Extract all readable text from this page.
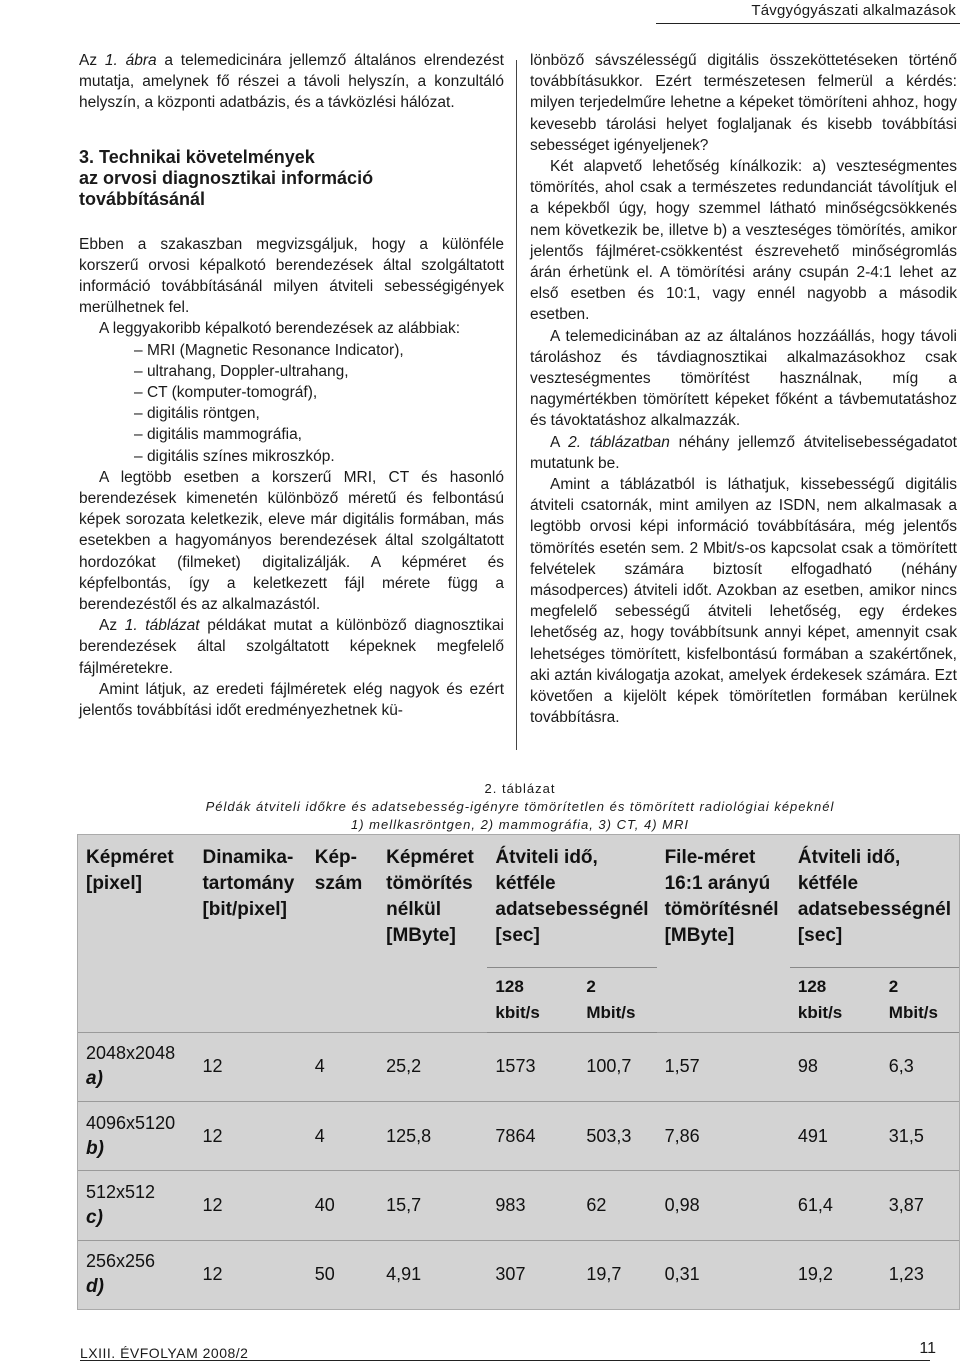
Távgyógyászati alkalmazások

Az 1. ábra a telemedicinára jellemző általános elrendezést mutatja, amelynek fő részei a távoli helyszín, a konzultáló helyszín, a központi adatbázis, és a távközlési hálózat.

3. Technikai követelmények
az orvosi diagnosztikai információ
továbbításánál

Ebben a szakaszban megvizsgáljuk, hogy a különféle korszerű orvosi képalkotó berendezések által szolgáltatott információ továbbításánál milyen átviteli sebességigények merülhetnek fel.

A leggyakoribb képalkotó berendezések az alábbiak:

– MRI (Magnetic Resonance Indicator),
– ultrahang, Doppler-ultrahang,
– CT (komputer-tomográf),
– digitális röntgen,
– digitális mammográfia,
– digitális színes mikroszkóp.

A legtöbb esetben a korszerű MRI, CT és hasonló berendezések kimenetén különböző méretű és felbontású képek sorozata keletkezik, eleve már digitális formában, más esetekben a hagyományos berendezések által szolgáltatott hordozókat (filmeket) digitalizálják. A képméret és képfelbontás, így a keletkezett fájl mérete függ a berendezéstől és az alkalmazástól.

Az 1. táblázat példákat mutat a különböző diagnosztikai berendezések által szolgáltatott képeknek megfelelő fájlméretekre.

Amint látjuk, az eredeti fájlméretek elég nagyok és ezért jelentős továbbítási időt eredményezhetnek kü-

lönböző sávszélességű digitális összeköttetéseken történő továbbításukkor. Ezért természetesen felmerül a kérdés: milyen terjedelműre lehetne a képeket tömöríteni ahhoz, hogy kevesebb tárolási helyet foglaljanak és kisebb továbbítási sebességet igényeljenek?

Két alapvető lehetőség kínálkozik: a) veszteségmentes tömörítés, ahol csak a természetes redundanciát távolítjuk el a képekből úgy, hogy szemmel látható minőségcsökkenés nem következik be, illetve b) a veszteséges tömörítés, amikor jelentős fájlméret-csökkentést észrevehető minőségromlás árán érhetünk el. A tömörítési arány csupán 2-4:1 lehet az első esetben és 10:1, vagy ennél nagyobb a második esetben.

A telemedicinában az az általános hozzáállás, hogy távoli tároláshoz és távdiagnosztikai alkalmazásokhoz csak veszteségmentes tömörítést használnak, míg a nagymértékben tömörített képeket főként a távbemutatáshoz és távoktatáshoz alkalmazzák.

A 2. táblázatban néhány jellemző átvitelisebességadatot mutatunk be.

Amint a táblázatból is láthatjuk, kissebességű digitális átviteli csatornák, mint amilyen az ISDN, nem alkalmasak a legtöbb orvosi képi információ továbbítására, még jelentős tömörítés esetén sem. 2 Mbit/s-os kapcsolat csak a tömörített felvételek számára biztosít elfogadható (néhány másodperces) átviteli időt. Azokban az esetben, amikor nincs megfelelő sebességű átviteli lehetőség, egy érdekes lehetőség az, hogy továbbítsunk annyi képet, amennyit csak lehetséges tömörített, kisfelbontású formában a szakértőnek, aki aztán kiválogatja azokat, amelyek érdekesek számára. Ezt követően a kijelölt képek tömörítetlen formában kerülnek továbbításra.

2. táblázat
Példák átviteli időkre és adatsebesség-igényre tömörítetlen és tömörített radiológiai képeknél
1) mellkasröntgen, 2) mammográfia, 3) CT, 4) MRI
Képméret [pixel]	Dinamika-tartomány [bit/pixel]	Kép-szám	Képméret tömörítés nélkül [MByte]	Átviteli idő, kétféle adatsebességnél [sec]		File-méret 16:1 arányú tömörítésnél [MByte]	Átviteli idő, kétféle adatsebességnél [sec]	
				128 kbit/s	2 Mbit/s		128 kbit/s	2 Mbit/s

2048x2048
a)	12	4	25,2	1573	100,7	1,57	98	6,3

4096x5120
b)	12	4	125,8	7864	503,3	7,86	491	31,5

512x512
c)	12	40	15,7	983	62	0,98	61,4	3,87

256x256
d)	12	50	4,91	307	19,7	0,31	19,2	1,23
LXIII. ÉVFOLYAM 2008/2	11
